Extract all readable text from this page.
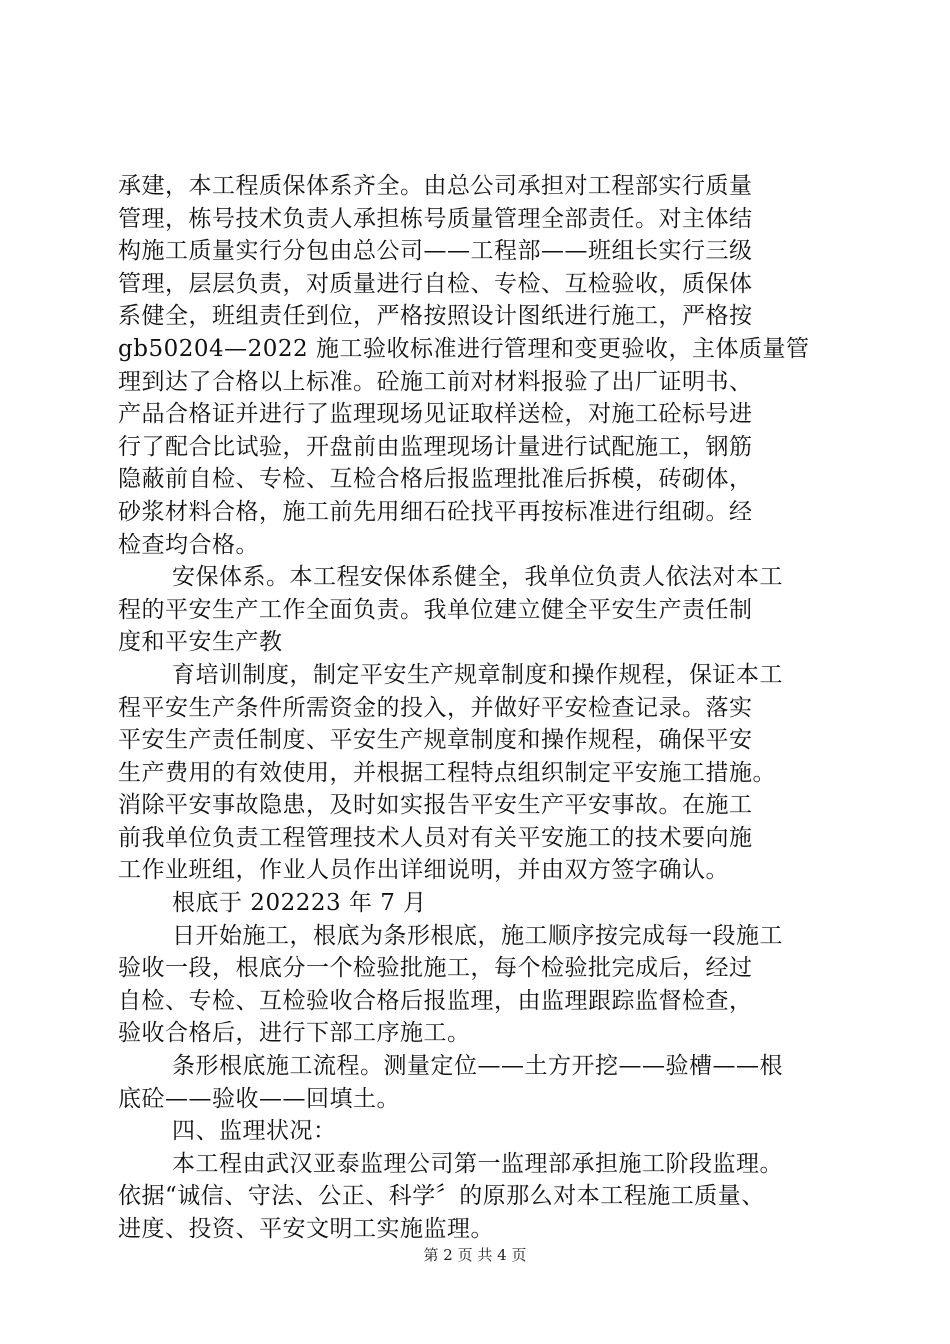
承建，本工程质保体系齐全。由总公司承担对工程部实行质量
管理，栋号技术负责人承担栋号质量管理全部责任。对主体结
构施工质量实行分包由总公司——工程部——班组长实行三级
管理，层层负责，对质量进行自检、专检、互检验收，质保体
系健全，班组责任到位，严格按照设计图纸进行施工，严格按
gb50204—2022 施工验收标准进行管理和变更验收，主体质量管
理到达了合格以上标准。砼施工前对材料报验了出厂证明书、
产品合格证并进行了监理现场见证取样送检，对施工砼标号进
行了配合比试验，开盘前由监理现场计量进行试配施工，钢筋
隐蔽前自检、专检、互检合格后报监理批准后拆模，砖砌体，
砂浆材料合格，施工前先用细石砼找平再按标准进行组砌。经
检查均合格。
安保体系。本工程安保体系健全，我单位负责人依法对本工
程的平安生产工作全面负责。我单位建立健全平安生产责任制
度和平安生产教
育培训制度，制定平安生产规章制度和操作规程，保证本工
程平安生产条件所需资金的投入，并做好平安检查记录。落实
平安生产责任制度、平安生产规章制度和操作规程，确保平安
生产费用的有效使用，并根据工程特点组织制定平安施工措施。
消除平安事故隐患，及时如实报告平安生产平安事故。在施工
前我单位负责工程管理技术人员对有关平安施工的技术要向施
工作业班组，作业人员作出详细说明，并由双方签字确认。
根底于 202223 年 7 月
日开始施工，根底为条形根底，施工顺序按完成每一段施工
验收一段，根底分一个检验批施工，每个检验批完成后，经过
自检、专检、互检验收合格后报监理，由监理跟踪监督检查，
验收合格后，进行下部工序施工。
条形根底施工流程。测量定位——土方开挖——验槽——根
底砼——验收——回填土。
四、监理状况：
本工程由武汉亚泰监理公司第一监理部承担施工阶段监理。
依据“诚信、守法、公正、科学〞的原那么对本工程施工质量、
进度、投资、平安文明工实施监理。
第 2 页 共 4 页
